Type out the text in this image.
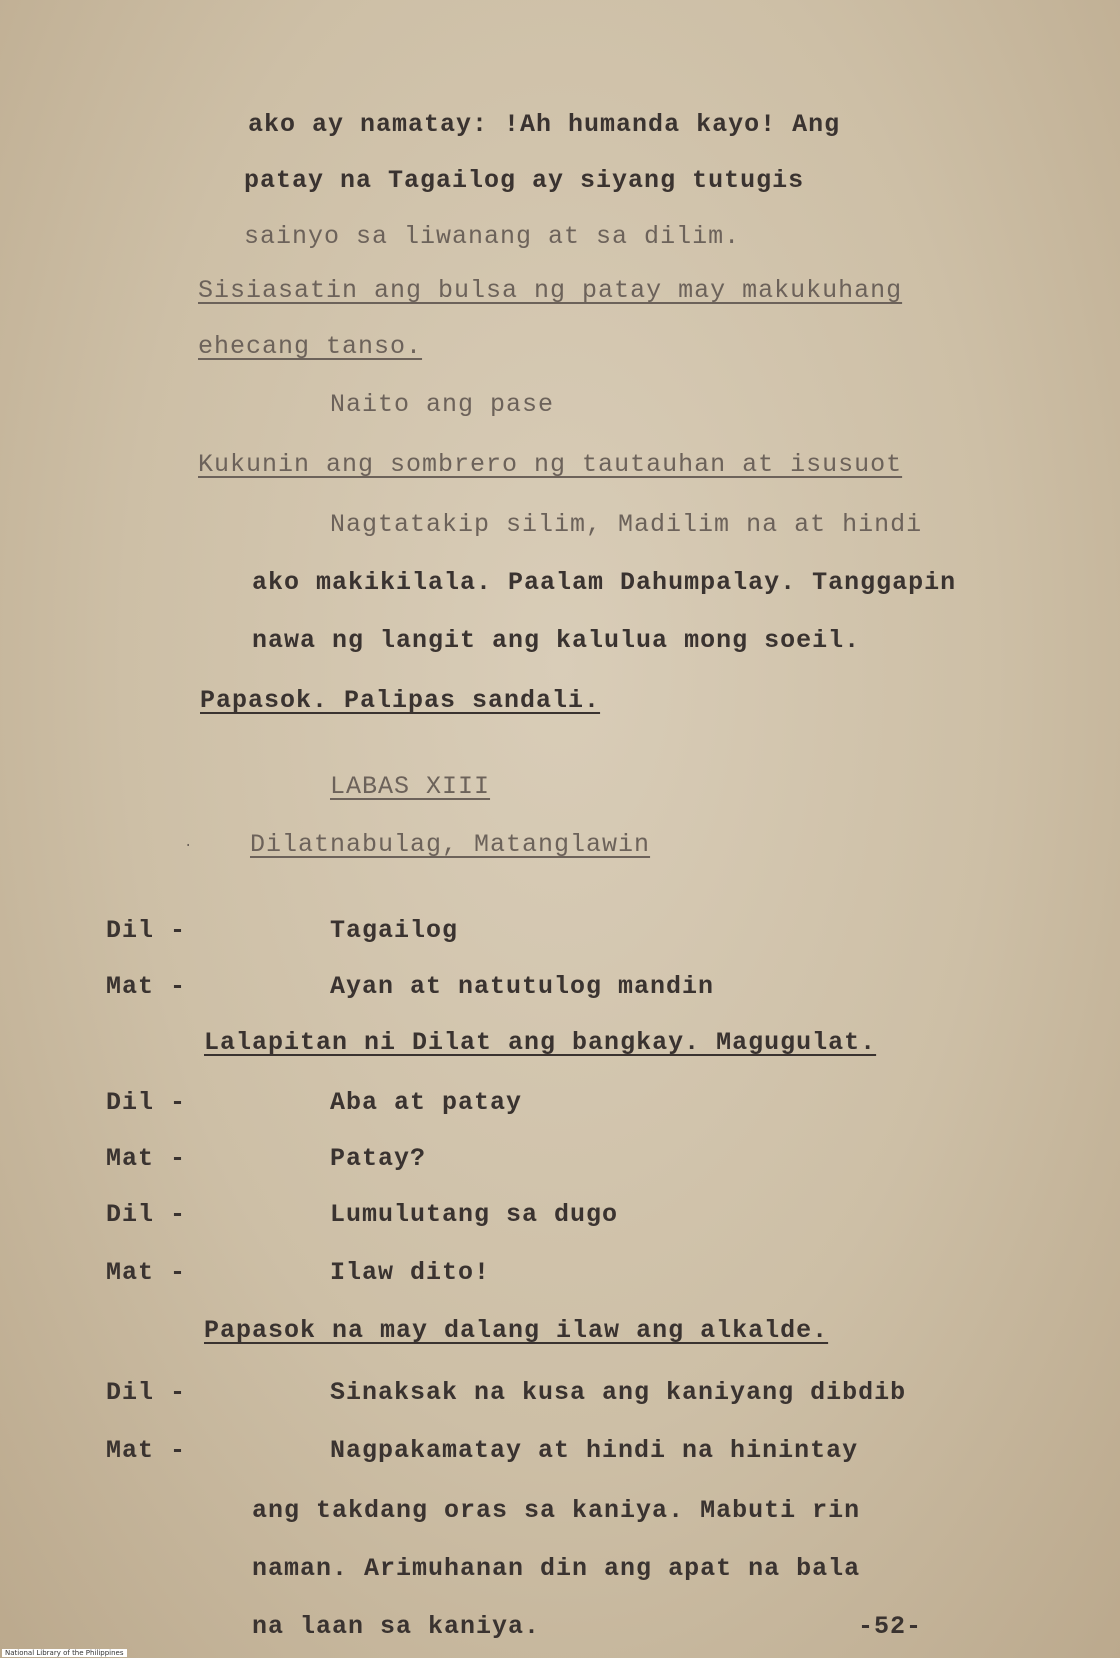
ako ay namatay: !Ah humanda kayo! Ang
patay na Tagailog ay siyang tutugis
sainyo sa liwanang at sa dilim.
Sisiasatin ang bulsa ng patay may makukuhang
ehecang tanso.
Naito ang pase
Kukunin ang sombrero ng tautauhan at isusuot
Nagtatakip silim, Madilim na at hindi
ako makikilala. Paalam Dahumpalay. Tanggapin
nawa ng langit ang kalulua mong soeil.
Papasok. Palipas sandali.
LABAS XIII
· Dilatnabulag, Matanglawin
Dil -	Tagailog
Mat -	Ayan at natutulog mandin
Lalapitan ni Dilat ang bangkay. Magugulat.
Dil -	Aba at patay
Mat -	Patay?
Dil -	Lumulutang sa dugo
Mat -	Ilaw dito!
Papasok na may dalang ilaw ang alkalde.
Dil -	Sinaksak na kusa ang kaniyang dibdib
Mat -	Nagpakamatay at hindi na hinintay
ang takdang oras sa kaniya. Mabuti rin
naman. Arimuhanan din ang apat na bala
na laan sa kaniya.	-52-
National Library of the Philippines
